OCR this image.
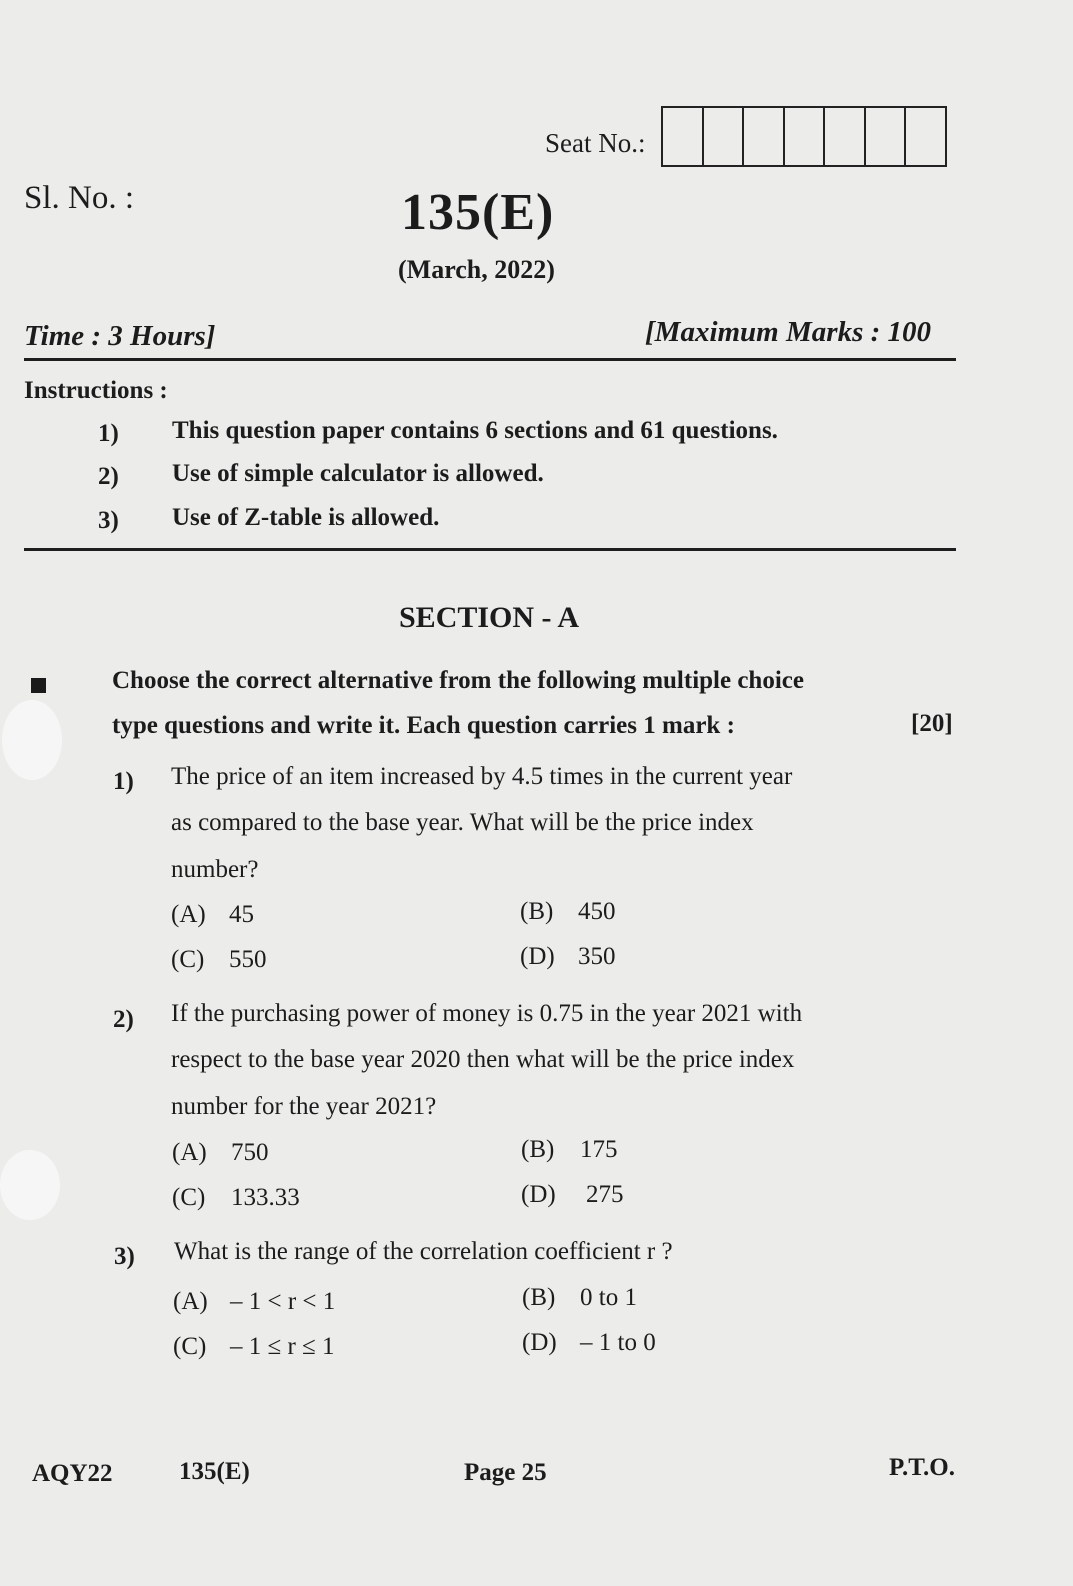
Seat No.:
Sl. No. :	135(E)
(March, 2022)
Time : 3 Hours]	[Maximum Marks : 100
Instructions :
1) This question paper contains 6 sections and 61 questions.
2) Use of simple calculator is allowed.
3) Use of Z-table is allowed.
SECTION - A
Choose the correct alternative from the following multiple choice
type questions and write it. Each question carries 1 mark :	[20]
1) The price of an item increased by 4.5 times in the current year
as compared to the base year. What will be the price index
number?
(A) 45	(B) 450
(C) 550	(D) 350
2) If the purchasing power of money is 0.75 in the year 2021 with
respect to the base year 2020 then what will be the price index
number for the year 2021?
(A) 750	(B) 175
(C) 133.33	(D) 275
3) What is the range of the correlation coefficient r ?
(A) – 1 < r < 1	(B) 0 to 1
(C) – 1 ≤ r ≤ 1	(D) – 1 to 0
AQY22	135(E)	Page 25	P.T.O.
